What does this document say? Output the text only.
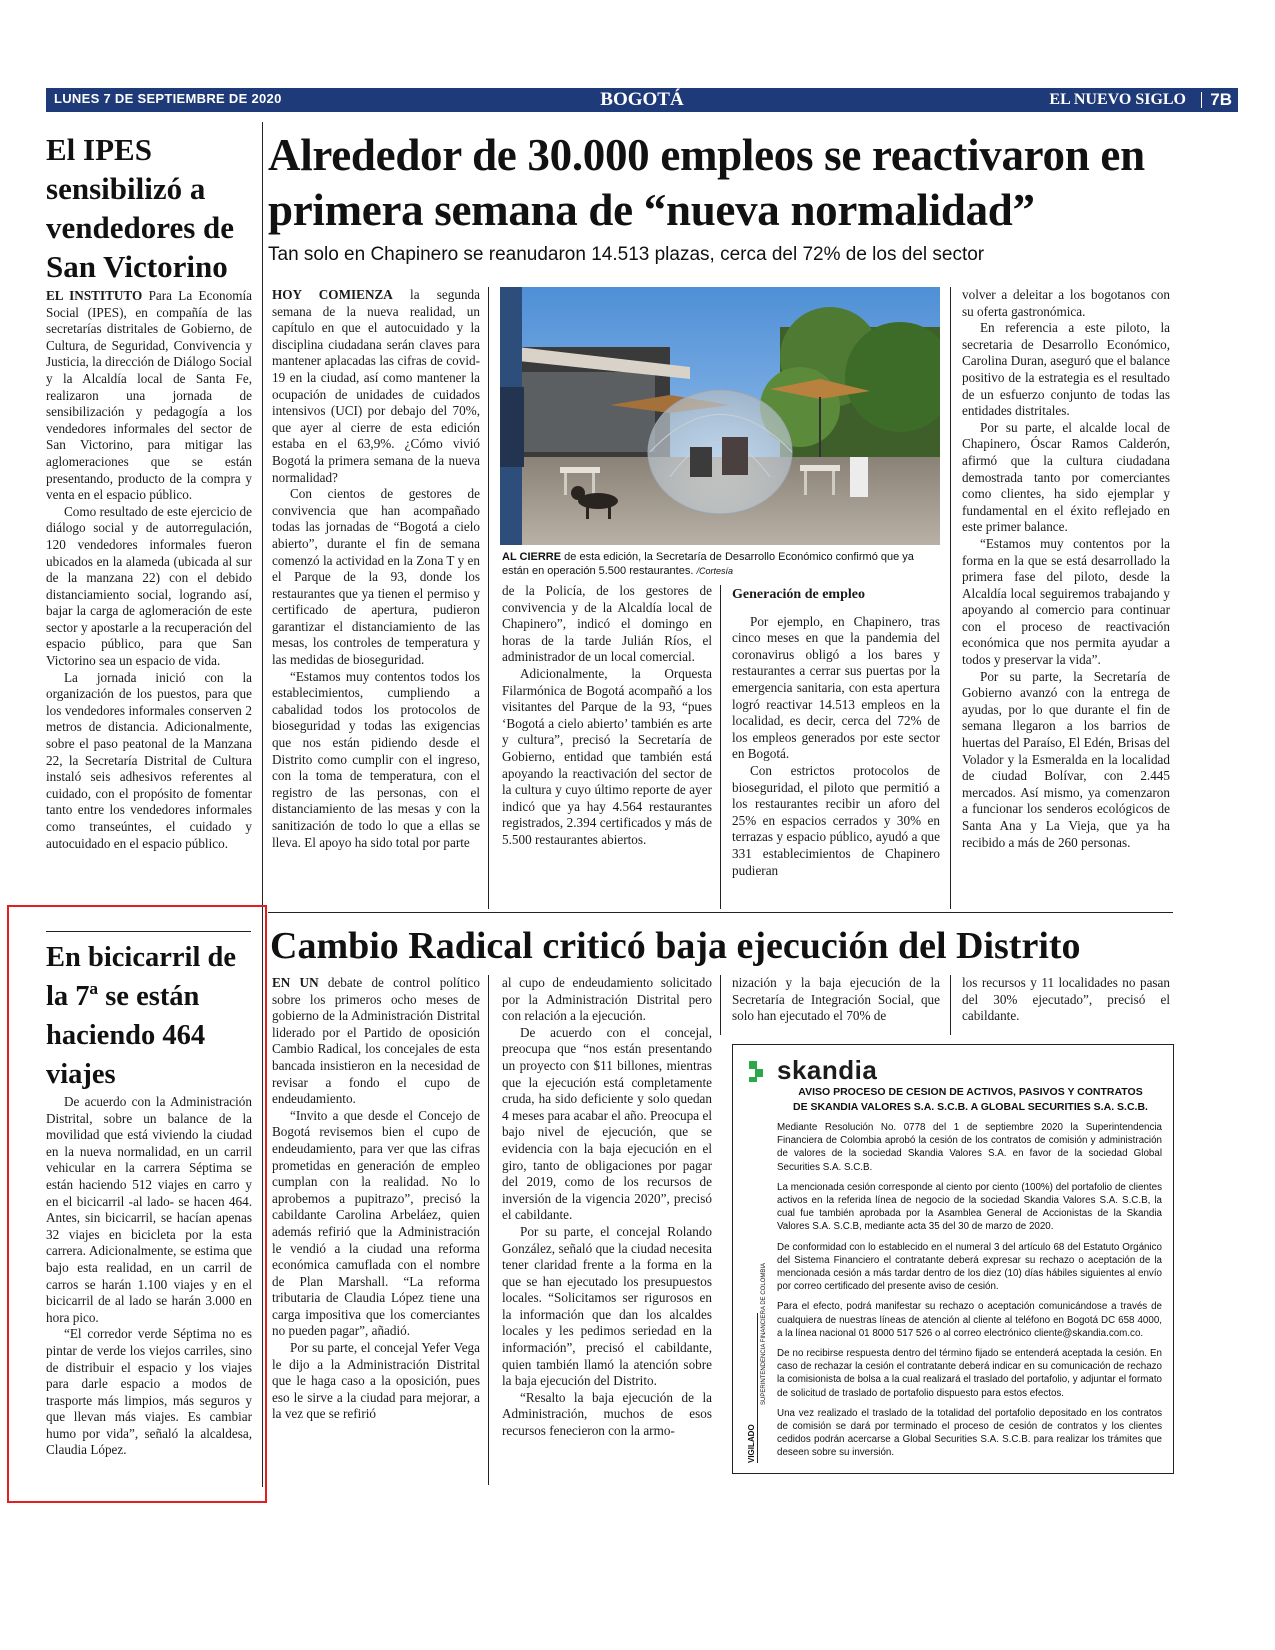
LUNES 7 DE SEPTIEMBRE DE 2020	BOGOTÁ	EL NUEVO SIGLO 7B
El IPES sensibilizó a vendedores de San Victorino

EL INSTITUTO Para La Economía Social (IPES), en compañía de las secretarías distritales de Gobierno, de Cultura, de Seguridad, Convivencia y Justicia, la dirección de Diálogo Social y la Alcaldía local de Santa Fe, realizaron una jornada de sensibilización y pedagogía a los vendedores informales del sector de San Victorino, para mitigar las aglomeraciones que se están presentando, producto de la compra y venta en el espacio público.

Como resultado de este ejercicio de diálogo social y de autorregulación, 120 vendedores informales fueron ubicados en la alameda (ubicada al sur de la manzana 22) con el debido distanciamiento social, logrando así, bajar la carga de aglomeración de este sector y apostarle a la recuperación del espacio público, para que San Victorino sea un espacio de vida.

La jornada inició con la organización de los puestos, para que los vendedores informales conserven 2 metros de distancia. Adicionalmente, sobre el paso peatonal de la Manzana 22, la Secretaría Distrital de Cultura instaló seis adhesivos referentes al cuidado, con el propósito de fomentar tanto entre los vendedores informales como transeúntes, el cuidado y autocuidado en el espacio público.

En bicicarril de la 7ª se están haciendo 464 viajes

De acuerdo con la Administración Distrital, sobre un balance de la movilidad que está viviendo la ciudad en la nueva normalidad, en un carril vehicular en la carrera Séptima se están haciendo 512 viajes en carro y en el bicicarril -al lado- se hacen 464. Antes, sin bicicarril, se hacían apenas 32 viajes en bicicleta por la esta carrera. Adicionalmente, se estima que bajo esta realidad, en un carril de carros se harán 1.100 viajes y en el bicicarril de al lado se harán 3.000 en hora pico.

“El corredor verde Séptima no es pintar de verde los viejos carriles, sino de distribuir el espacio y los viajes para darle espacio a modos de trasporte más limpios, más seguros y que llevan más viajes. Es cambiar humo por vida”, señaló la alcaldesa, Claudia López.

Alrededor de 30.000 empleos se reactivaron en primera semana de “nueva normalidad”
Tan solo en Chapinero se reanudaron 14.513 plazas, cerca del 72% de los del sector

HOY COMIENZA la segunda semana de la nueva realidad, un capítulo en que el autocuidado y la disciplina ciudadana serán claves para mantener aplacadas las cifras de covid-19 en la ciudad, así como mantener la ocupación de unidades de cuidados intensivos (UCI) por debajo del 70%, que ayer al cierre de esta edición estaba en el 63,9%. ¿Cómo vivió Bogotá la primera semana de la nueva normalidad?

Con cientos de gestores de convivencia que han acompañado todas las jornadas de “Bogotá a cielo abierto”, durante el fin de semana comenzó la actividad en la Zona T y en el Parque de la 93, donde los restaurantes que ya tienen el permiso y certificado de apertura, pudieron garantizar el distanciamiento de las mesas, los controles de temperatura y las medidas de bioseguridad.

“Estamos muy contentos todos los establecimientos, cumpliendo a cabalidad todos los protocolos de bioseguridad y todas las exigencias que nos están pidiendo desde el Distrito como cumplir con el ingreso, con la toma de temperatura, con el registro de las personas, con el distanciamiento de las mesas y con la sanitización de todo lo que a ellas se lleva. El apoyo ha sido total por parte

AL CIERRE de esta edición, la Secretaría de Desarrollo Económico confirmó que ya están en operación 5.500 restaurantes. /Cortesía

de la Policía, de los gestores de convivencia y de la Alcaldía local de Chapinero”, indicó el domingo en horas de la tarde Julián Ríos, el administrador de un local comercial.

Adicionalmente, la Orquesta Filarmónica de Bogotá acompañó a los visitantes del Parque de la 93, “pues ‘Bogotá a cielo abierto’ también es arte y cultura”, precisó la Secretaría de Gobierno, entidad que también está apoyando la reactivación del sector de la cultura y cuyo último reporte de ayer indicó que ya hay 4.564 restaurantes registrados, 2.394 certificados y más de 5.500 restaurantes abiertos.

Generación de empleo

Por ejemplo, en Chapinero, tras cinco meses en que la pandemia del coronavirus obligó a los bares y restaurantes a cerrar sus puertas por la emergencia sanitaria, con esta apertura logró reactivar 14.513 empleos en la localidad, es decir, cerca del 72% de los empleos generados por este sector en Bogotá.

Con estrictos protocolos de bioseguridad, el piloto que permitió a los restaurantes recibir un aforo del 25% en espacios cerrados y 30% en terrazas y espacio público, ayudó a que 331 establecimientos de Chapinero pudieran

volver a deleitar a los bogotanos con su oferta gastronómica.

En referencia a este piloto, la secretaria de Desarrollo Económico, Carolina Duran, aseguró que el balance positivo de la estrategia es el resultado de un esfuerzo conjunto de todas las entidades distritales.

Por su parte, el alcalde local de Chapinero, Óscar Ramos Calderón, afirmó que la cultura ciudadana demostrada tanto por comerciantes como clientes, ha sido ejemplar y fundamental en el éxito reflejado en este primer balance.

“Estamos muy contentos por la forma en la que se está desarrollado la primera fase del piloto, desde la Alcaldía local seguiremos trabajando y apoyando al comercio para continuar con el proceso de reactivación económica que nos permita ayudar a todos y preservar la vida”.

Por su parte, la Secretaría de Gobierno avanzó con la entrega de ayudas, por lo que durante el fin de semana llegaron a los barrios de huertas del Paraíso, El Edén, Brisas del Volador y la Esmeralda en la localidad de ciudad Bolívar, con 2.445 mercados. Así mismo, ya comenzaron a funcionar los senderos ecológicos de Santa Ana y La Vieja, que ya ha recibido a más de 260 personas.

Cambio Radical criticó baja ejecución del Distrito

EN UN debate de control político sobre los primeros ocho meses de gobierno de la Administración Distrital liderado por el Partido de oposición Cambio Radical, los concejales de esta bancada insistieron en la necesidad de revisar a fondo el cupo de endeudamiento.

“Invito a que desde el Concejo de Bogotá revisemos bien el cupo de endeudamiento, para ver que las cifras prometidas en generación de empleo cumplan con la realidad. No lo aprobemos a pupitrazo”, precisó la cabildante Carolina Arbeláez, quien además refirió que la Administración le vendió a la ciudad una reforma económica camuflada con el nombre de Plan Marshall. “La reforma tributaria de Claudia López tiene una carga impositiva que los comerciantes no pueden pagar”, añadió.

Por su parte, el concejal Yefer Vega le dijo a la Administración Distrital que le haga caso a la oposición, pues eso le sirve a la ciudad para mejorar, a la vez que se refirió

al cupo de endeudamiento solicitado por la Administración Distrital pero con relación a la ejecución.

De acuerdo con el concejal, preocupa que “nos están presentando un proyecto con $11 billones, mientras que la ejecución está completamente cruda, ha sido deficiente y solo quedan 4 meses para acabar el año. Preocupa el bajo nivel de ejecución, que se evidencia con la baja ejecución en el giro, tanto de obligaciones por pagar del 2019, como de los recursos de inversión de la vigencia 2020”, precisó el cabildante.

Por su parte, el concejal Rolando González, señaló que la ciudad necesita tener claridad frente a la forma en la que se han ejecutado los presupuestos locales. “Solicitamos ser rigurosos en la información que dan los alcaldes locales y les pedimos seriedad en la información”, precisó el cabildante, quien también llamó la atención sobre la baja ejecución del Distrito.

“Resalto la baja ejecución de la Administración, muchos de esos recursos fenecieron con la armo-

nización y la baja ejecución de la Secretaría de Integración Social, que solo han ejecutado el 70% de

los recursos y 11 localidades no pasan del 30% ejecutado”, precisó el cabildante.

skandia
AVISO PROCESO DE CESION DE ACTIVOS, PASIVOS Y CONTRATOS
DE SKANDIA VALORES S.A. S.C.B. A GLOBAL SECURITIES S.A. S.C.B.

Mediante Resolución No. 0778 del 1 de septiembre 2020 la Superintendencia Financiera de Colombia aprobó la cesión de los contratos de comisión y administración de valores de la sociedad Skandia Valores S.A. en favor de la sociedad Global Securities S.A. S.C.B.

La mencionada cesión corresponde al ciento por ciento (100%) del portafolio de clientes activos en la referida línea de negocio de la sociedad Skandia Valores S.A. S.C.B, la cual fue también aprobada por la Asamblea General de Accionistas de la Skandia Valores S.A. S.C.B, mediante acta 35 del 30 de marzo de 2020.

De conformidad con lo establecido en el numeral 3 del artículo 68 del Estatuto Orgánico del Sistema Financiero el contratante deberá expresar su rechazo o aceptación de la mencionada cesión a más tardar dentro de los diez (10) días hábiles siguientes al envío por correo certificado del presente aviso de cesión.

Para el efecto, podrá manifestar su rechazo o aceptación comunicándose a través de cualquiera de nuestras líneas de atención al cliente al teléfono en Bogotá DC 658 4000, a la línea nacional 01 8000 517 526 o al correo electrónico cliente@skandia.com.co.

De no recibirse respuesta dentro del término fijado se entenderá aceptada la cesión. En caso de rechazar la cesión el contratante deberá indicar en su comunicación de rechazo la comisionista de bolsa a la cual realizará el traslado del portafolio, y adjuntar el formato de solicitud de traslado de portafolio dispuesto para estos efectos.

Una vez realizado el traslado de la totalidad del portafolio depositado en los contratos de comisión se dará por terminado el proceso de cesión de contratos y los clientes cedidos podrán acercarse a Global Securities S.A. S.C.B. para realizar los trámites que deseen sobre su inversión.

VIGILADO
SUPERINTENDENCIA FINANCIERA DE COLOMBIA
